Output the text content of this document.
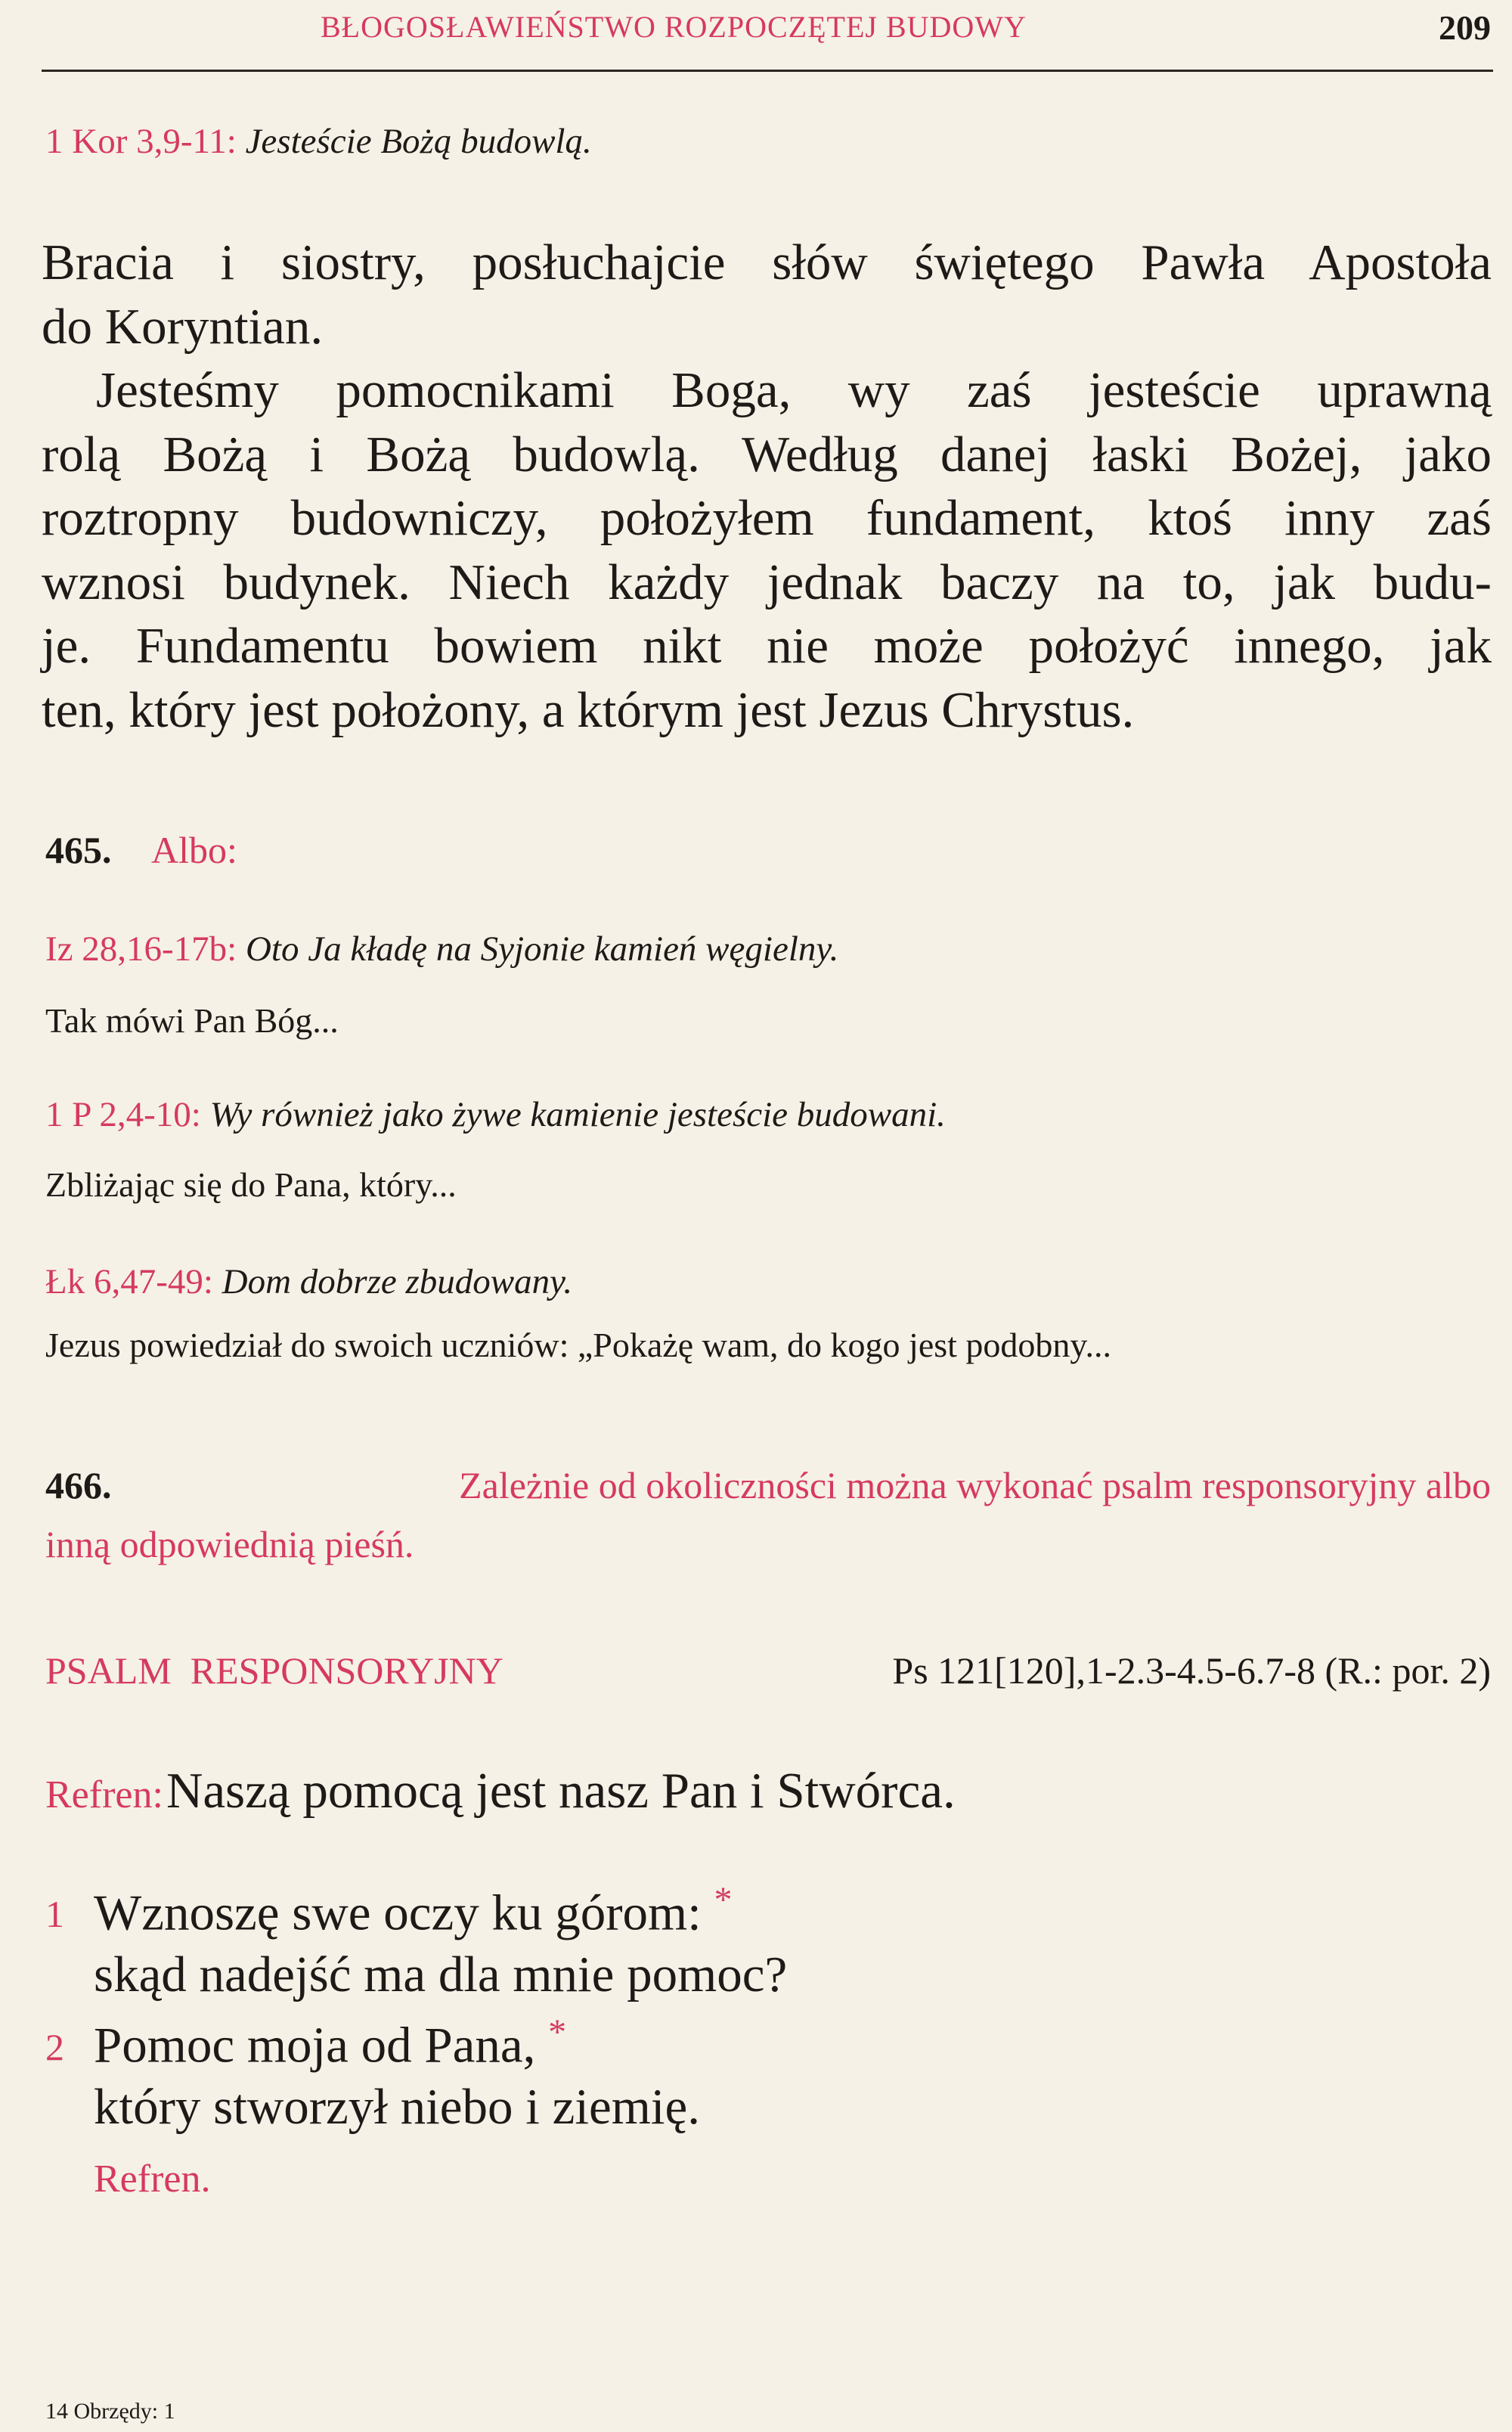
BŁOGOSŁAWIEŃSTWO ROZPOCZĘTEJ BUDOWY	209
1 Kor 3,9-11: Jesteście Bożą budowlą.
Bracia i siostry, posłuchajcie słów świętego Pawła Apostoła
do Koryntian.
Jesteśmy pomocnikami Boga, wy zaś jesteście uprawną
rolą Bożą i Bożą budowlą. Według danej łaski Bożej, jako
roztropny budowniczy, położyłem fundament, ktoś inny zaś
wznosi budynek. Niech każdy jednak baczy na to, jak budu-
je. Fundamentu bowiem nikt nie może położyć innego, jak
ten, który jest położony, a którym jest Jezus Chrystus.
465. Albo:
Iz 28,16-17b: Oto Ja kładę na Syjonie kamień węgielny.
Tak mówi Pan Bóg...
1 P 2,4-10: Wy również jako żywe kamienie jesteście budowani.
Zbliżając się do Pana, który...
Łk 6,47-49: Dom dobrze zbudowany.
Jezus powiedział do swoich uczniów: „Pokażę wam, do kogo jest podobny...
466.	Zależnie od okoliczności można wykonać psalm responsoryjny albo
inną odpowiednią pieśń.
PSALM  RESPONSORYJNY	Ps 121[120],1-2.3-4.5-6.7-8 (R.: por. 2)
Refren: Naszą pomocą jest nasz Pan i Stwórca.
1 Wznoszę swe oczy ku górom: *
skąd nadejść ma dla mnie pomoc?
2 Pomoc moja od Pana, *
który stworzył niebo i ziemię.
Refren.
14 Obrzędy: 1
